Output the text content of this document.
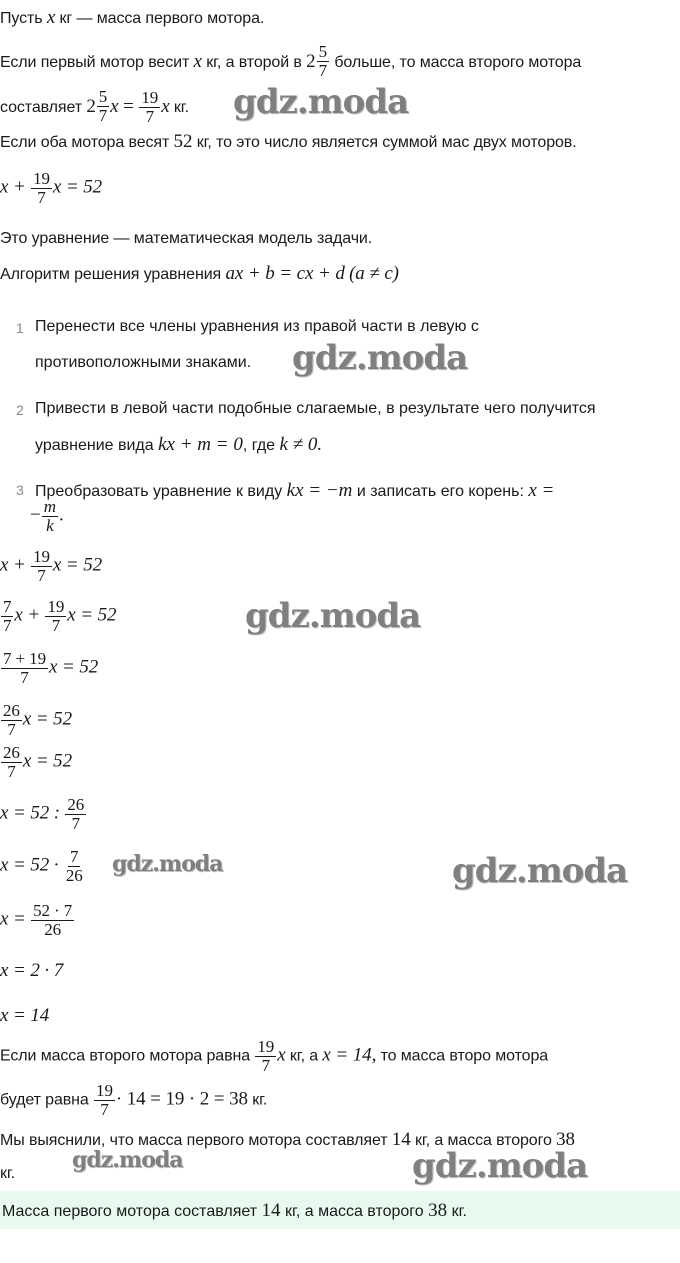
Пусть x кг — масса первого мотора.
Если первый мотор весит x кг, а второй в $2 \frac{5}{7}$ больше, то масса второго мотора
составляет $2 \frac{5}{7}$ $x = \frac{19}{7}$ x кг.
Если оба мотора весят 52 кг, то это число является суммой мас двух моторов.
$x + \frac{19}{7}$ x = 52
Это уравнение — математическая модель задачи.
Алгоритм решения уравнения ax + b = cx + d (a ≠ c)
1 Перенести все члены уравнения из правой части в левую с
противоположными знаками.
2 Привести в левой части подобные слагаемые, в результате чего получится
уравнение вида kx + m = 0, где k ≠ 0.
3 Преобразовать уравнение к виду kx = −m и записать его корень: x =
− $\frac{m}{k}$ .
$x + \frac{19}{7}$ x = 52
$\frac{7}{7}$ $x + \frac{19}{7}$ x = 52
$\frac{7 + 19}{7}$ x = 52
$\frac{26}{7}$ x = 52
$\frac{26}{7}$ x = 52
x = 52 : $\frac{26}{7}$
$x = 52 \cdot \frac{7}{26}$
$x = \frac{52 \cdot 7}{26}$
x = 2 · 7
x = 14
Если масса второго мотора равна $\frac{19}{7}$ x кг, а x = 14, то масса второ мотора
будет равна $\frac{19}{7} \cdot 14 = 19 \cdot 2 = 38$ кг.
Мы выяснили, что масса первого мотора составляет 14 кг, а масса второго 38
кг.
Масса первого мотора составляет 14 кг, а масса второго 38 кг.
gdz.moda
gdz.moda
gdz.moda
gdz.moda	gdz.moda
gdz.moda	gdz.moda
